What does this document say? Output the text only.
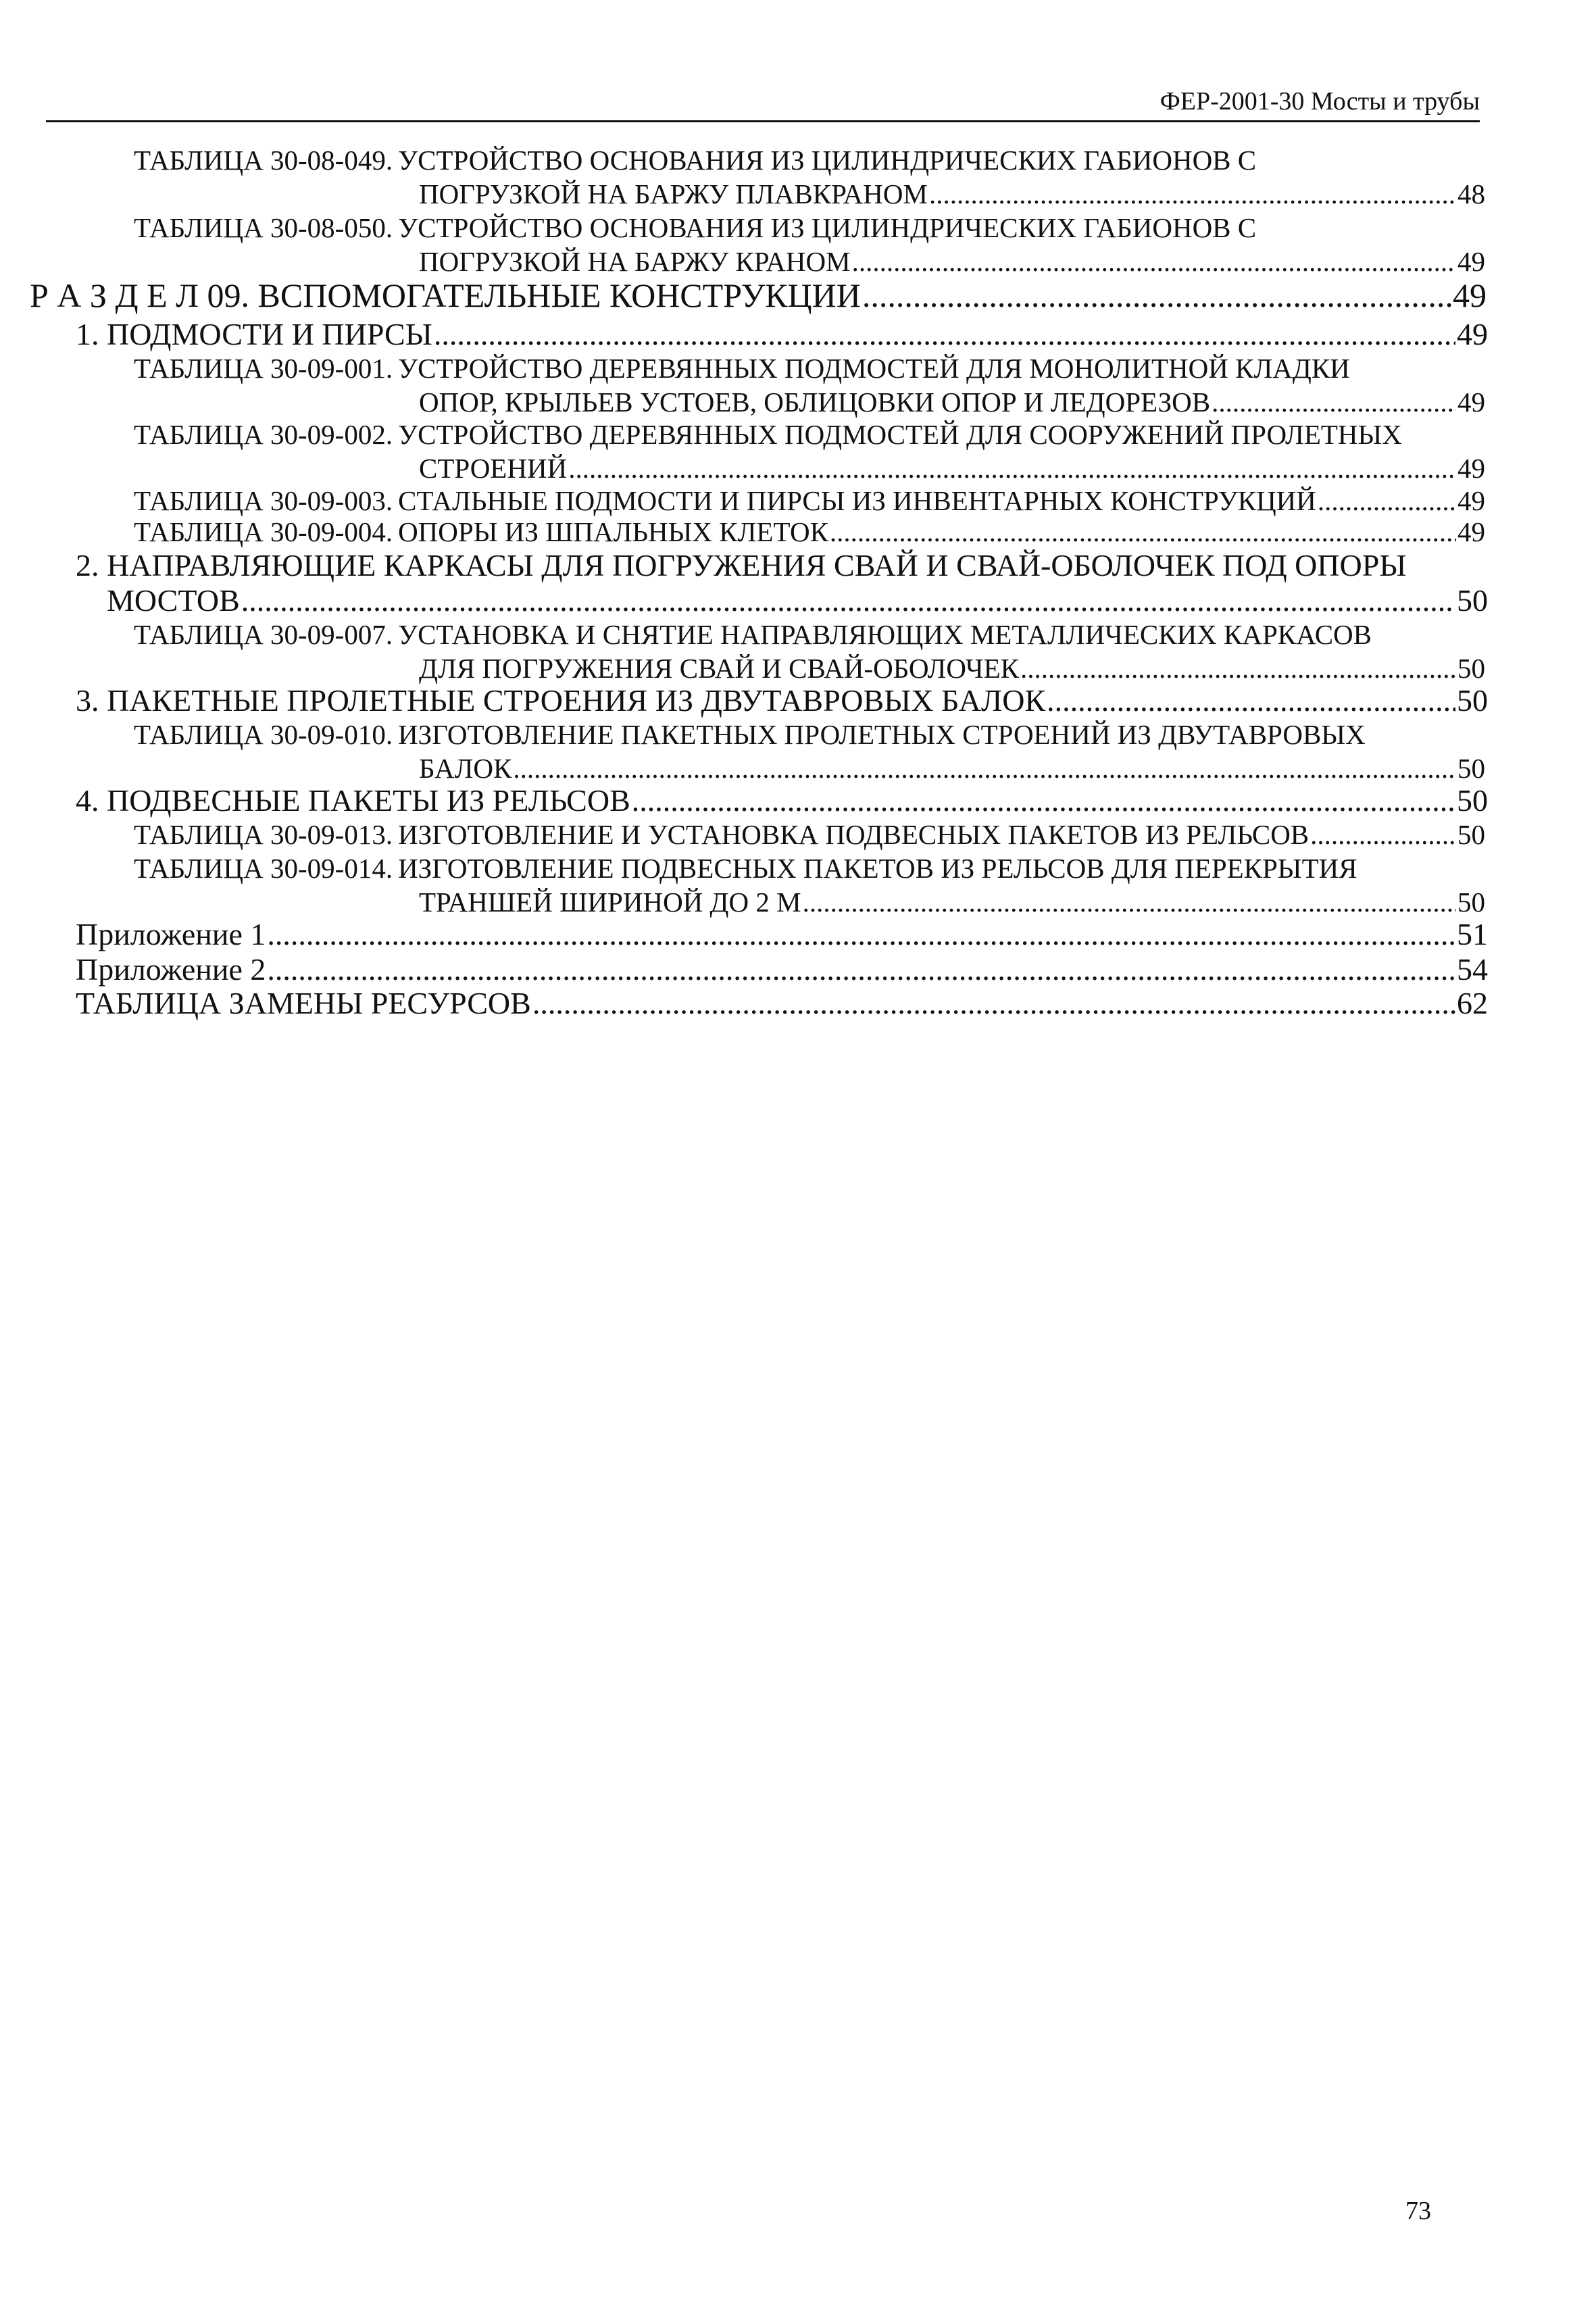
ФЕР-2001-30 Мосты и трубы
ТАБЛИЦА 30-08-049. УСТРОЙСТВО ОСНОВАНИЯ ИЗ ЦИЛИНДРИЧЕСКИХ ГАБИОНОВ С
ПОГРУЗКОЙ НА БАРЖУ ПЛАВКРАНОМ .....	48
ТАБЛИЦА 30-08-050. УСТРОЙСТВО ОСНОВАНИЯ ИЗ ЦИЛИНДРИЧЕСКИХ ГАБИОНОВ С
ПОГРУЗКОЙ НА БАРЖУ КРАНОМ .....	49
Р А З Д Е Л 09. ВСПОМОГАТЕЛЬНЫЕ КОНСТРУКЦИИ .....	49
1. ПОДМОСТИ И ПИРСЫ .....	49
ТАБЛИЦА 30-09-001. УСТРОЙСТВО ДЕРЕВЯННЫХ ПОДМОСТЕЙ ДЛЯ МОНОЛИТНОЙ КЛАДКИ
ОПОР, КРЫЛЬЕВ УСТОЕВ, ОБЛИЦОВКИ ОПОР И ЛЕДОРЕЗОВ .....	49
ТАБЛИЦА 30-09-002. УСТРОЙСТВО ДЕРЕВЯННЫХ ПОДМОСТЕЙ ДЛЯ СООРУЖЕНИЙ ПРОЛЕТНЫХ
СТРОЕНИЙ .....	49
ТАБЛИЦА 30-09-003. СТАЛЬНЫЕ ПОДМОСТИ И ПИРСЫ ИЗ ИНВЕНТАРНЫХ КОНСТРУКЦИЙ .....	49
ТАБЛИЦА 30-09-004. ОПОРЫ ИЗ ШПАЛЬНЫХ КЛЕТОК .....	49
2. НАПРАВЛЯЮЩИЕ КАРКАСЫ ДЛЯ ПОГРУЖЕНИЯ СВАЙ И СВАЙ-ОБОЛОЧЕК ПОД ОПОРЫ
МОСТОВ .....	50
ТАБЛИЦА 30-09-007. УСТАНОВКА И СНЯТИЕ НАПРАВЛЯЮЩИХ МЕТАЛЛИЧЕСКИХ КАРКАСОВ
ДЛЯ ПОГРУЖЕНИЯ СВАЙ И СВАЙ-ОБОЛОЧЕК .....	50
3. ПАКЕТНЫЕ ПРОЛЕТНЫЕ СТРОЕНИЯ ИЗ ДВУТАВРОВЫХ БАЛОК .....	50
ТАБЛИЦА 30-09-010. ИЗГОТОВЛЕНИЕ ПАКЕТНЫХ ПРОЛЕТНЫХ СТРОЕНИЙ ИЗ ДВУТАВРОВЫХ
БАЛОК .....	50
4. ПОДВЕСНЫЕ ПАКЕТЫ ИЗ РЕЛЬСОВ .....	50
ТАБЛИЦА 30-09-013. ИЗГОТОВЛЕНИЕ И УСТАНОВКА ПОДВЕСНЫХ ПАКЕТОВ ИЗ РЕЛЬСОВ .....	50
ТАБЛИЦА 30-09-014. ИЗГОТОВЛЕНИЕ ПОДВЕСНЫХ ПАКЕТОВ ИЗ РЕЛЬСОВ ДЛЯ ПЕРЕКРЫТИЯ
ТРАНШЕЙ ШИРИНОЙ ДО 2 М .....	50
Приложение 1 .....	51
Приложение 2 .....	54
ТАБЛИЦА ЗАМЕНЫ РЕСУРСОВ .....	62
73
